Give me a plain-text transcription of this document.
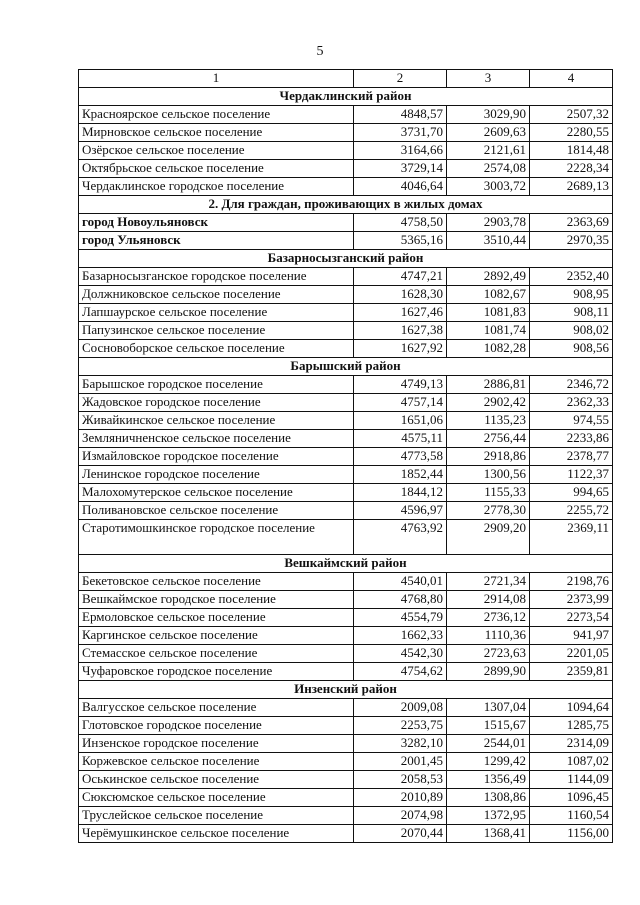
5
1	2	3	4
Чердаклинский район			
Красноярское сельское поселение	4848,57	3029,90	2507,32
Мирновское сельское поселение	3731,70	2609,63	2280,55
Озёрское сельское поселение	3164,66	2121,61	1814,48
Октябрьское сельское поселение	3729,14	2574,08	2228,34
Чердаклинское городское поселение	4046,64	3003,72	2689,13
2. Для граждан, проживающих в жилых домах			
город Новоульяновск	4758,50	2903,78	2363,69
город Ульяновск	5365,16	3510,44	2970,35
Базарносызганский район			
Базарносызганское городское поселение	4747,21	2892,49	2352,40
Должниковское сельское поселение	1628,30	1082,67	908,95
Лапшаурское сельское поселение	1627,46	1081,83	908,11
Папузинское сельское поселение	1627,38	1081,74	908,02
Сосновоборское сельское поселение	1627,92	1082,28	908,56
Барышский район			
Барышское городское поселение	4749,13	2886,81	2346,72
Жадовское городское поселение	4757,14	2902,42	2362,33
Живайкинское сельское поселение	1651,06	1135,23	974,55
Земляничненское сельское поселение	4575,11	2756,44	2233,86
Измайловское городское поселение	4773,58	2918,86	2378,77
Ленинское городское поселение	1852,44	1300,56	1122,37
Малохомутерское сельское поселение	1844,12	1155,33	994,65
Поливановское сельское поселение	4596,97	2778,30	2255,72
Старотимошкинское городское поселение	4763,92	2909,20	2369,11
Вешкаймский район			
Бекетовское сельское поселение	4540,01	2721,34	2198,76
Вешкаймское городское поселение	4768,80	2914,08	2373,99
Ермоловское сельское поселение	4554,79	2736,12	2273,54
Каргинское сельское поселение	1662,33	1110,36	941,97
Стемасское сельское поселение	4542,30	2723,63	2201,05
Чуфаровское городское поселение	4754,62	2899,90	2359,81
Инзенский район			
Валгусское сельское поселение	2009,08	1307,04	1094,64
Глотовское городское поселение	2253,75	1515,67	1285,75
Инзенское городское поселение	3282,10	2544,01	2314,09
Коржевское сельское поселение	2001,45	1299,42	1087,02
Оськинское сельское поселение	2058,53	1356,49	1144,09
Сюксюмское сельское поселение	2010,89	1308,86	1096,45
Труслейское сельское поселение	2074,98	1372,95	1160,54
Черёмушкинское сельское поселение	2070,44	1368,41	1156,00
